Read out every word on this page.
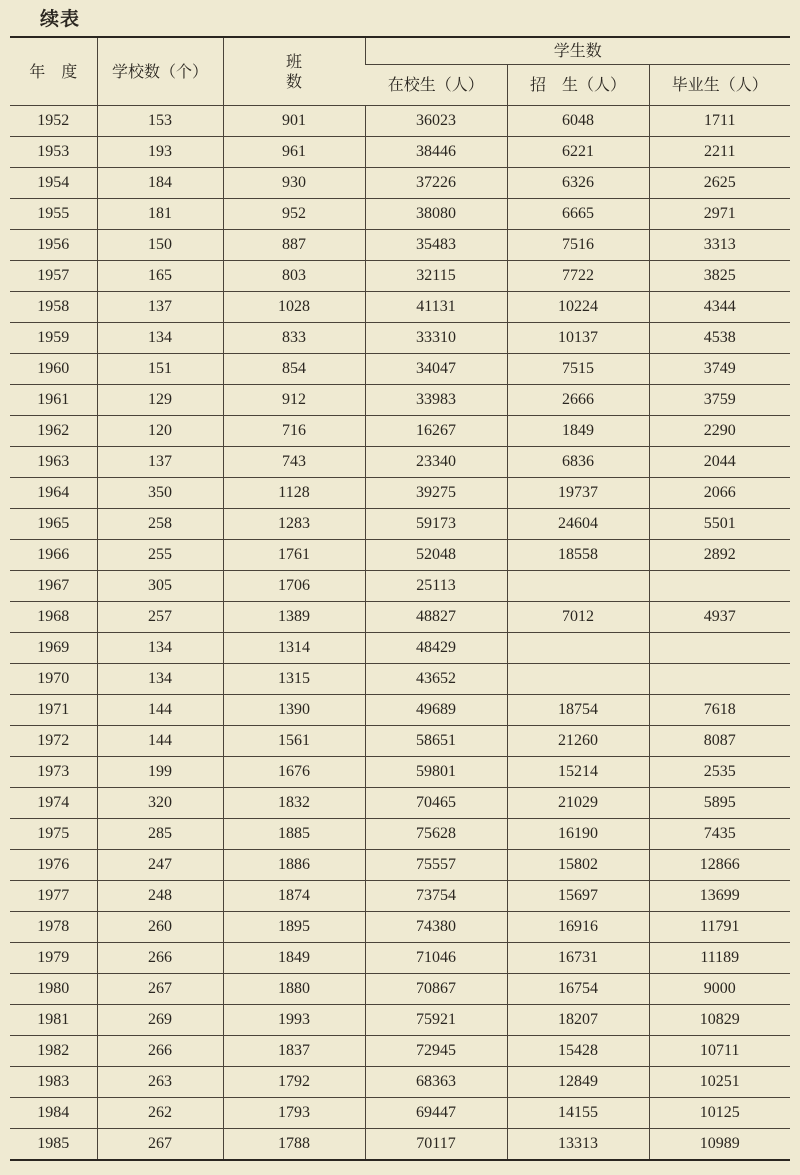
续表
年　度	学校数（个）	班数	学生数		
			在校生（人）	招　生（人）	毕业生（人）
1952	153	901	36023	6048	1711
1953	193	961	38446	6221	2211
1954	184	930	37226	6326	2625
1955	181	952	38080	6665	2971
1956	150	887	35483	7516	3313
1957	165	803	32115	7722	3825
1958	137	1028	41131	10224	4344
1959	134	833	33310	10137	4538
1960	151	854	34047	7515	3749
1961	129	912	33983	2666	3759
1962	120	716	16267	1849	2290
1963	137	743	23340	6836	2044
1964	350	1128	39275	19737	2066
1965	258	1283	59173	24604	5501
1966	255	1761	52048	18558	2892
1967	305	1706	25113		
1968	257	1389	48827	7012	4937
1969	134	1314	48429		
1970	134	1315	43652		
1971	144	1390	49689	18754	7618
1972	144	1561	58651	21260	8087
1973	199	1676	59801	15214	2535
1974	320	1832	70465	21029	5895
1975	285	1885	75628	16190	7435
1976	247	1886	75557	15802	12866
1977	248	1874	73754	15697	13699
1978	260	1895	74380	16916	11791
1979	266	1849	71046	16731	11189
1980	267	1880	70867	16754	9000
1981	269	1993	75921	18207	10829
1982	266	1837	72945	15428	10711
1983	263	1792	68363	12849	10251
1984	262	1793	69447	14155	10125
1985	267	1788	70117	13313	10989
